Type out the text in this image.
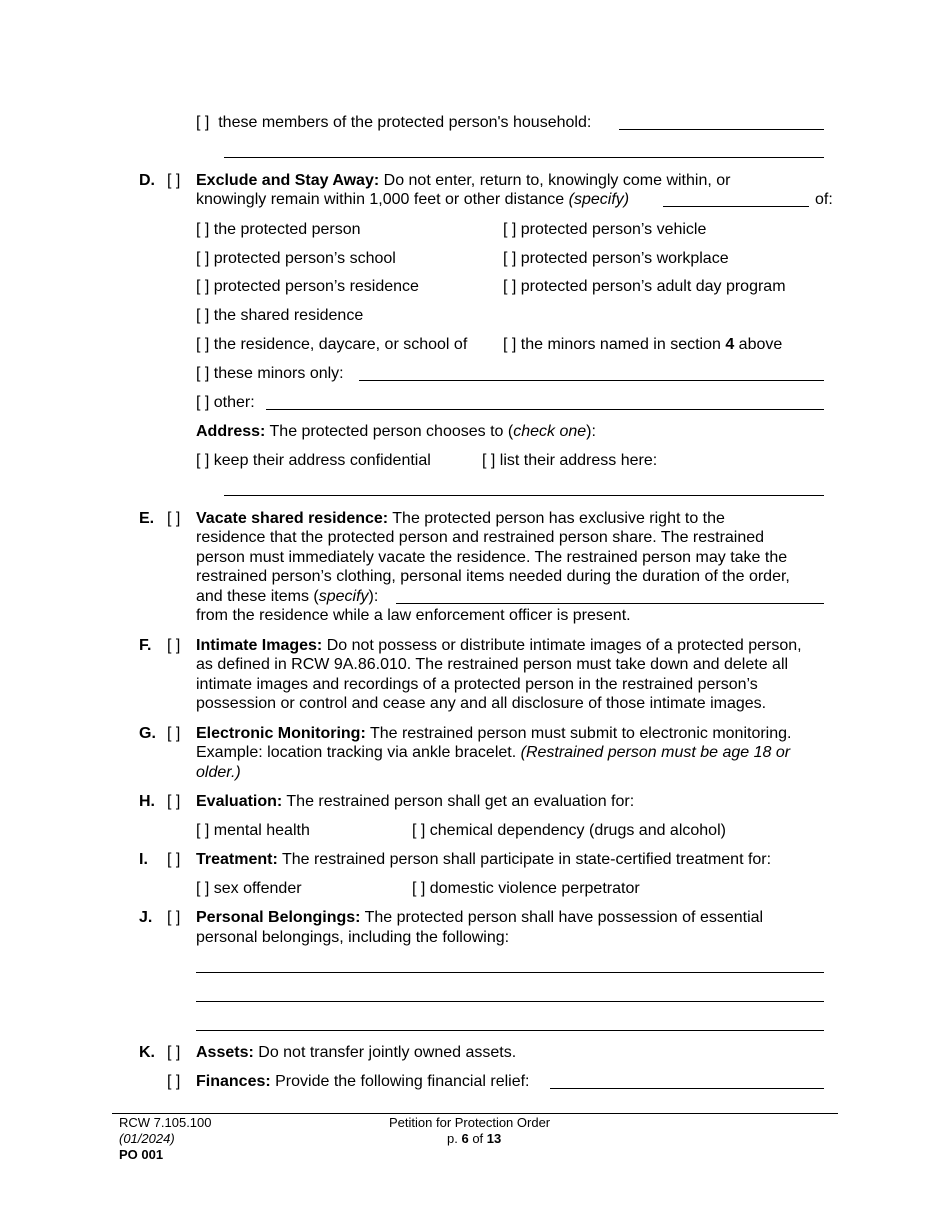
[ ] these members of the protected person's household:
D. [ ] Exclude and Stay Away: Do not enter, return to, knowingly come within, or
knowingly remain within 1,000 feet or other distance (specify)	of:
[ ] the protected person	[ ] protected person’s vehicle
[ ] protected person’s school	[ ] protected person’s workplace
[ ] protected person’s residence	[ ] protected person’s adult day program
[ ] the shared residence
[ ] the residence, daycare, or school of [ ] the minors named in section 4 above
[ ] these minors only:
[ ] other:
Address: The protected person chooses to (check one):
[ ] keep their address confidential	[ ] list their address here:
E. [ ] Vacate shared residence: The protected person has exclusive right to the
residence that the protected person and restrained person share. The restrained
person must immediately vacate the residence. The restrained person may take the
restrained person’s clothing, personal items needed during the duration of the order,
and these items (specify):
from the residence while a law enforcement officer is present.
F. [ ] Intimate Images: Do not possess or distribute intimate images of a protected person,
as defined in RCW 9A.86.010. The restrained person must take down and delete all
intimate images and recordings of a protected person in the restrained person’s
possession or control and cease any and all disclosure of those intimate images.
G. [ ] Electronic Monitoring: The restrained person must submit to electronic monitoring.
Example: location tracking via ankle bracelet. (Restrained person must be age 18 or
older.)
H. [ ] Evaluation: The restrained person shall get an evaluation for:
[ ] mental health	[ ] chemical dependency (drugs and alcohol)
I. [ ] Treatment: The restrained person shall participate in state-certified treatment for:
[ ] sex offender	[ ] domestic violence perpetrator
J. [ ] Personal Belongings: The protected person shall have possession of essential
personal belongings, including the following:
K. [ ] Assets: Do not transfer jointly owned assets.
[ ] Finances: Provide the following financial relief:
RCW 7.105.100
(01/2024)
PO 001
Petition for Protection Order
p. 6 of 13
